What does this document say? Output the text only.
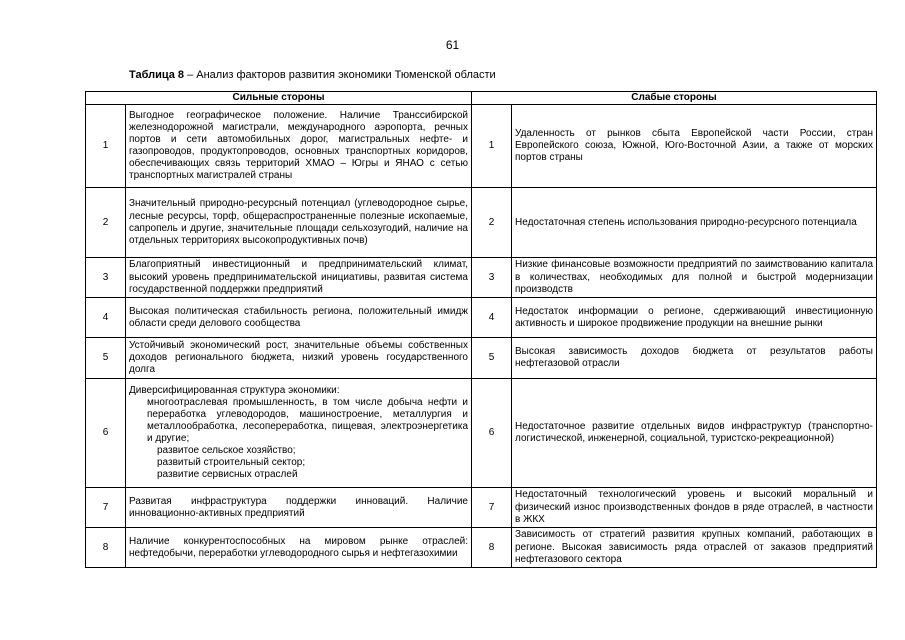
61
Таблица 8 – Анализ факторов развития экономики Тюменской области
Сильные стороны		Слабые стороны	
1	Выгодное географическое положение. Наличие Транссибирской железнодорожной магистрали, международного аэропорта, речных портов и сети автомобильных дорог, магистральных нефте- и газопроводов, продуктопроводов, основных транспортных коридоров, обеспечивающих связь территорий ХМАО – Югры и ЯНАО с сетью транспортных магистралей страны	1	Удаленность от рынков сбыта Европейской части России, стран Европейского союза, Южной, Юго-Восточной Азии, а также от морских портов страны
2	Значительный природно-ресурсный потенциал (углеводородное сырье, лесные ресурсы, торф, общераспространенные полезные ископаемые, сапропель и другие, значительные площади сельхозугодий, наличие на отдельных территориях высокопродуктивных почв)	2	Недостаточная степень использования природно-ресурсного потенциала
3	Благоприятный инвестиционный и предпринимательский климат, высокий уровень предпринимательской инициативы, развитая система государственной поддержки предприятий	3	Низкие финансовые возможности предприятий по заимствованию капитала в количествах, необходимых для полной и быстрой модернизации производств
4	Высокая политическая стабильность региона, положительный имидж области среди делового сообщества	4	Недостаток информации о регионе, сдерживающий инвестиционную активность и широкое продвижение продукции на внешние рынки
5	Устойчивый экономический рост, значительные объемы собственных доходов регионального бюджета, низкий уровень государственного долга	5	Высокая зависимость доходов бюджета от результатов работы нефтегазовой отрасли
6	Диверсифицированная структура экономики:
многоотраслевая промышленность, в том числе добыча нефти и переработка углеводородов, машиностроение, металлургия и металлообработка, лесопереработка, пищевая, электроэнергетика и другие;
развитое сельское хозяйство;
развитый строительный сектор;
развитие сервисных отраслей	6	Недостаточное развитие отдельных видов инфраструктур (транспортно-логистической, инженерной, социальной, туристско-рекреационной)
7	Развитая инфраструктура поддержки инноваций. Наличие инновационно-активных предприятий	7	Недостаточный технологический уровень и высокий моральный и физический износ производственных фондов в ряде отраслей, в частности в ЖКХ
8	Наличие конкурентоспособных на мировом рынке отраслей: нефтедобычи, переработки углеводородного сырья и нефтегазохимии	8	Зависимость от стратегий развития крупных компаний, работающих в регионе. Высокая зависимость ряда отраслей от заказов предприятий нефтегазового сектора
